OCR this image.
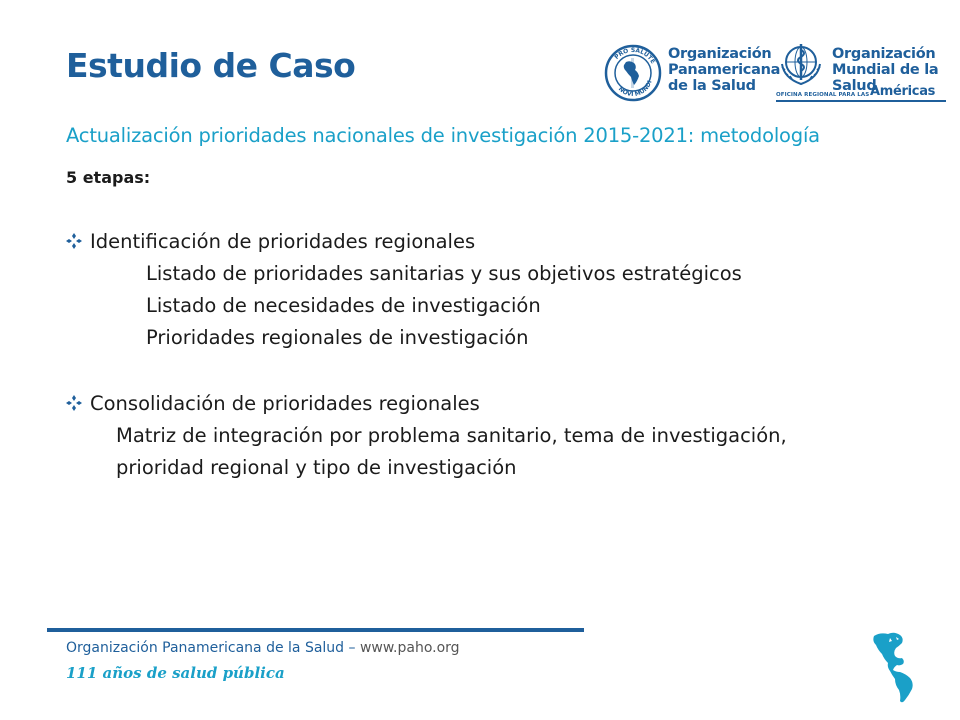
Estudio de Caso	PRO SALUTE
NOVI MUNDI
Organización
Panamericana
de la Salud
Organización
Mundial de la Salud
OFICINA REGIONAL PARA LAS Américas
Actualización prioridades nacionales de investigación 2015-2021: metodología
5 etapas:
Identificación de prioridades regionales
Listado de prioridades sanitarias y sus objetivos estratégicos
Listado de necesidades de investigación
Prioridades regionales de investigación
Consolidación de prioridades regionales
Matriz de integración por problema sanitario, tema de investigación,
prioridad regional y tipo de investigación
Organización Panamericana de la Salud – www.paho.org
111 años de salud pública
